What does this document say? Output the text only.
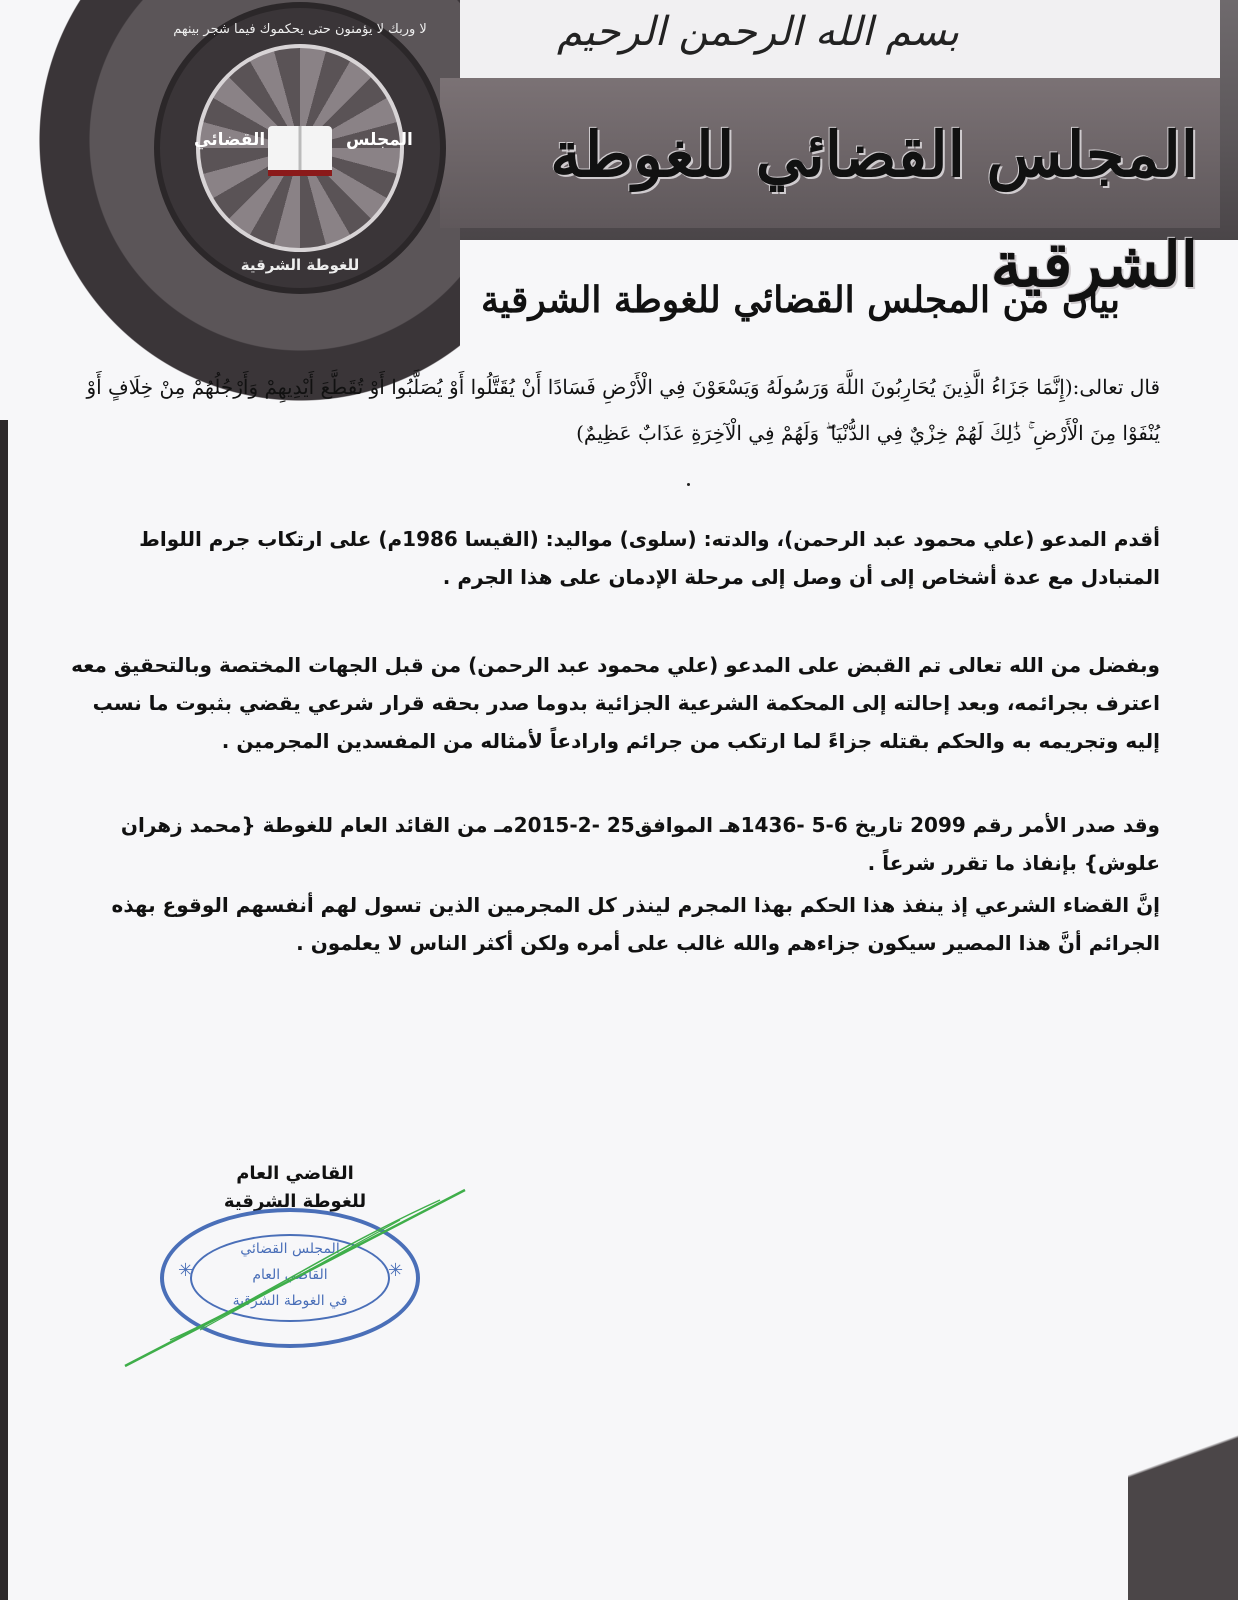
بسم الله الرحمن الرحيم
المجلس القضائي للغوطة الشرقية
لا وربك لا يؤمنون حتى يحكموك فيما شجر بينهم
المجلس
القضائي
للغوطة الشرقية
بيان من المجلس القضائي للغوطة الشرقية
قال تعالى:(إِنَّمَا جَزَاءُ الَّذِينَ يُحَارِبُونَ اللَّهَ وَرَسُولَهُ وَيَسْعَوْنَ فِي الْأَرْضِ فَسَادًا أَنْ يُقَتَّلُوا أَوْ يُصَلَّبُوا أَوْ تُقَطَّعَ أَيْدِيهِمْ وَأَرْجُلُهُمْ مِنْ خِلَافٍ أَوْ يُنْفَوْا مِنَ الْأَرْضِ ۚ ذَٰلِكَ لَهُمْ خِزْيٌ فِي الدُّنْيَا ۖ وَلَهُمْ فِي الْآخِرَةِ عَذَابٌ عَظِيمٌ)
أقدم المدعو (علي محمود عبد الرحمن)، والدته: (سلوى) مواليد: (القيسا 1986م) على ارتكاب جرم اللواط المتبادل مع عدة أشخاص إلى أن وصل إلى مرحلة الإدمان على هذا الجرم .
وبفضل من الله تعالى تم القبض على المدعو (علي محمود عبد الرحمن) من قبل الجهات المختصة وبالتحقيق معه اعترف بجرائمه، وبعد إحالته إلى المحكمة الشرعية الجزائية بدوما صدر بحقه قرار شرعي يقضي بثبوت ما نسب إليه وتجريمه به والحكم بقتله جزاءً لما ارتكب من جرائم وارادعاً لأمثاله من المفسدين المجرمين .
وقد صدر الأمر رقم 2099 تاريخ 6-5 -1436هـ الموافق25 -2-2015مـ من القائد العام للغوطة {محمد زهران علوش} بإنفاذ ما تقرر شرعاً .
إنَّ القضاء الشرعي إذ ينفذ هذا الحكم بهذا المجرم لينذر كل المجرمين الذين تسول لهم أنفسهم الوقوع بهذه الجرائم أنَّ هذا المصير سيكون جزاءهم والله غالب على أمره ولكن أكثر الناس لا يعلمون .
القاضي العام
للغوطة الشرقية
المجلس القضائي
القاضي العام
في الغوطة الشرقية
✳	✳
